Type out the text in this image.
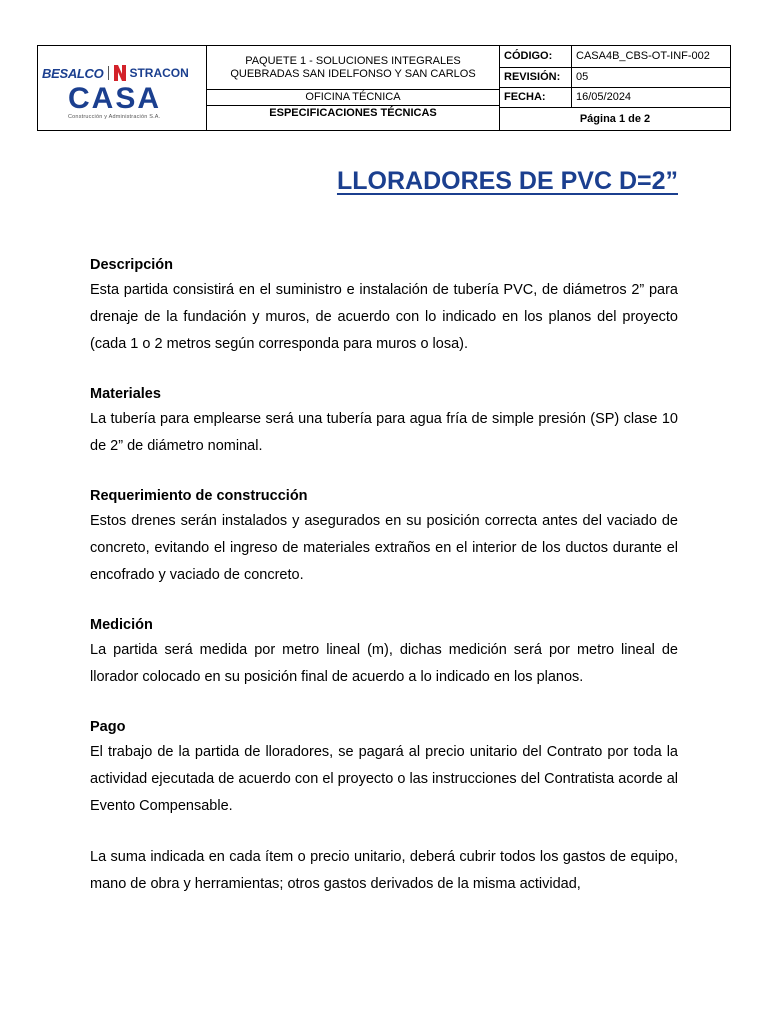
BESALCO STRACON
CASA
Construcción y Administración S.A.
PAQUETE 1 - SOLUCIONES INTEGRALES
QUEBRADAS SAN IDELFONSO Y SAN CARLOS
OFICINA TÉCNICA
ESPECIFICACIONES TÉCNICAS
CÓDIGO:	CASA4B_CBS-OT-INF-002
REVISIÓN:	05
FECHA:	16/05/2024
Página 1 de 2
LLORADORES DE PVC D=2”
Descripción

Esta partida consistirá en el suministro e instalación de tubería PVC, de diámetros 2” para drenaje de la fundación y muros, de acuerdo con lo indicado en los planos del proyecto (cada 1 o 2 metros según corresponda para muros o losa).

Materiales

La tubería para emplearse será una tubería para agua fría de simple presión (SP) clase 10 de 2” de diámetro nominal.

Requerimiento de construcción

Estos drenes serán instalados y asegurados en su posición correcta antes del vaciado de concreto, evitando el ingreso de materiales extraños en el interior de los ductos durante el encofrado y vaciado de concreto.

Medición

La partida será medida por metro lineal (m), dichas medición será por metro lineal de llorador colocado en su posición final de acuerdo a lo indicado en los planos.

Pago

El trabajo de la partida de lloradores, se pagará al precio unitario del Contrato por toda la actividad ejecutada de acuerdo con el proyecto o las instrucciones del Contratista acorde al Evento Compensable.

La suma indicada en cada ítem o precio unitario, deberá cubrir todos los gastos de equipo, mano de obra y herramientas; otros gastos derivados de la misma actividad,
